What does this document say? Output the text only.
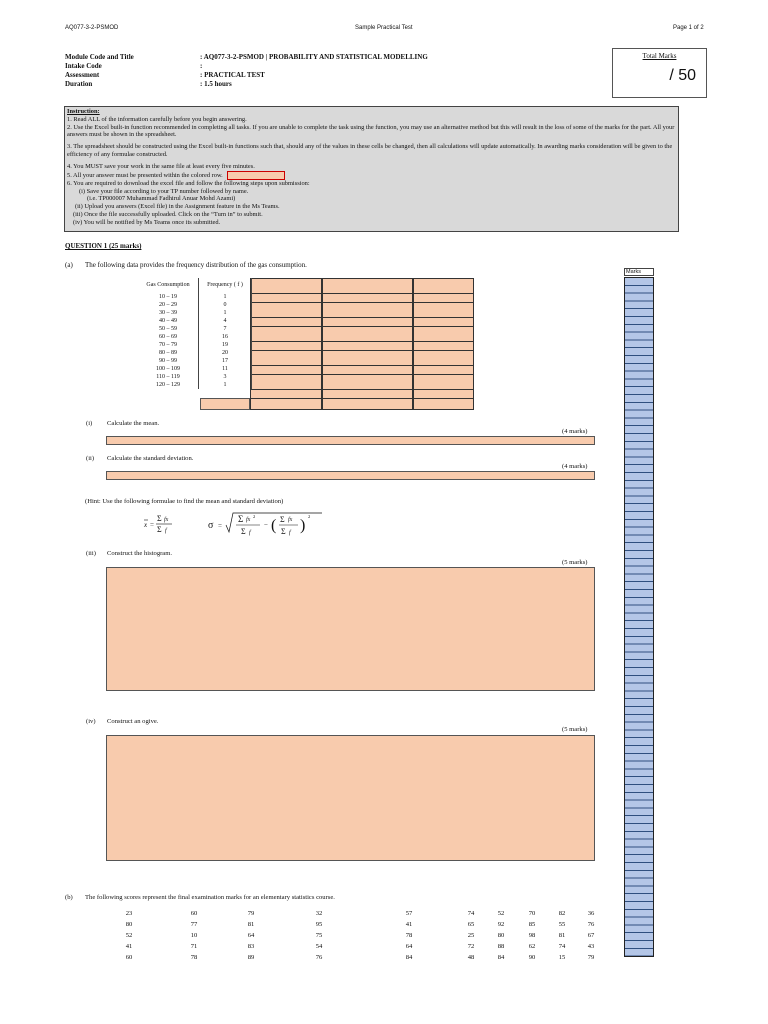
AQ077-3-2-PSMOD	Sample Practical Test	Page 1 of 2
Module Code and Title	: AQ077-3-2-PSMOD | PROBABILITY AND STATISTICAL MODELLING
Intake Code	:
Assessment	: PRACTICAL TEST
Duration	: 1.5 hours
Total Marks
/ 50
Instruction:
1. Read ALL of the information carefully before you begin answering.
2. Use the Excel built-in function recommended in completing all tasks. If you are unable to complete the task using the function, you may use an alternative method but this will result in the loss of some of the marks for the part. All your answers must be shown in the spreadsheet.
3. The spreadsheet should be constructed using the Excel built-in functions such that, should any of the values in these cells be changed, then all calculations will update automatically. In awarding marks consideration will be given to the efficiency of any formulae constructed.
4. You MUST save your work in the same file at least every five minutes.
5. All your answer must be presented within the colored row.
6. You are required to download the excel file and follow the following steps upon submission:
(i) Save your file according to your TP number followed by name.
(i.e. TP000007 Muhammad Fadhirul Anuar Mohd Azami)
(ii) Upload you answers (Excel file) in the Assignment feature in the Ms Teams.
(iii) Once the file successfully uploaded. Click on the “Turn in” to submit.
(iv) You will be notified by Ms Teams once its submitted.
QUESTION 1 (25 marks)
(a) The following data provides the frequency distribution of the gas consumption.
Marks
Gas Consumption	Frequency ( f )
10 – 19	1
20 – 29	0
30 – 39	1
40 – 49	4
50 – 59	7
60 – 69	16
70 – 79	19
80 – 89	20
90 – 99	17
100 – 109	11
110 – 119	3
120 – 129	1
(i) Calculate the mean.
(4 marks)
(ii) Calculate the standard deviation.
(4 marks)
(Hint: Use the following formulae to find the mean and standard deviation)
x =
Σ fx
Σ f	σ =
Σ fx
2
Σ f
− ( Σ fx
Σ f )
2
(iii) Construct the histogram.
(5 marks)
(iv) Construct an ogive.
(5 marks)
(b) The following scores represent the final examination marks for an elementary statistics course.
23	60	79	32	57	74	52	70	82	36
80	77	81	95	41	65	92	85	55	76
52	10	64	75	78	25	80	98	81	67
41	71	83	54	64	72	88	62	74	43
60	78	89	76	84	48	84	90	15	79
